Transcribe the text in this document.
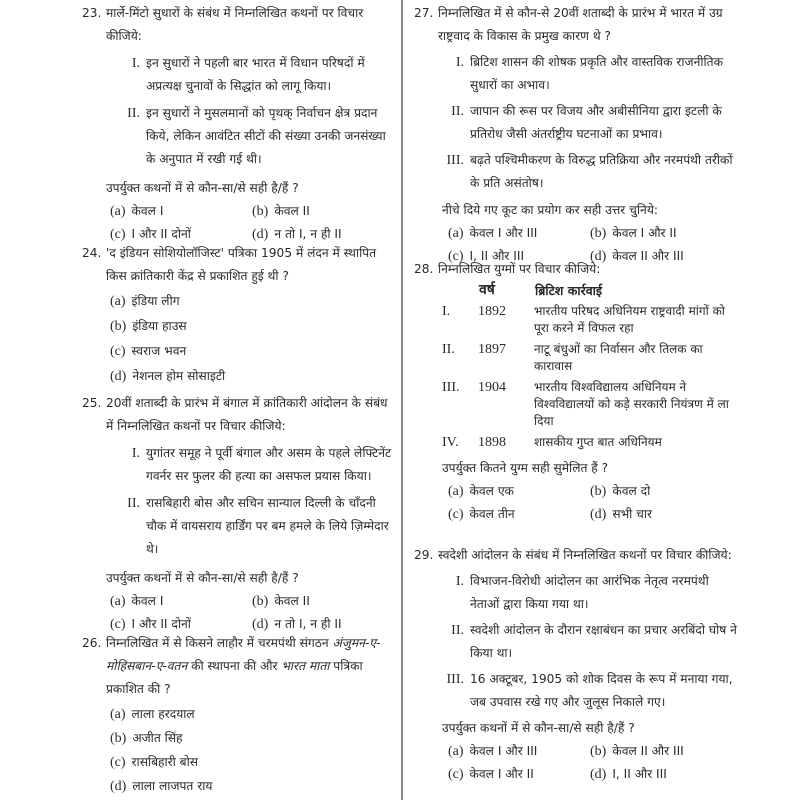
23. मार्ले-मिंटो सुधारों के संबंध में निम्नलिखित कथनों पर विचार कीजिये:
I. इन सुधारों ने पहली बार भारत में विधान परिषदों में अप्रत्यक्ष चुनावों के सिद्धांत को लागू किया।
II. इन सुधारों ने मुसलमानों को पृथक् निर्वाचन क्षेत्र प्रदान किये, लेकिन आवंटित सीटों की संख्या उनकी जनसंख्या के अनुपात में रखी गई थी।
उपर्युक्त कथनों में से कौन-सा/से सही है/हैं ?
(a) केवल I	(b) केवल II
(c) I और II दोनों	(d) न तो I, न ही II
24. 'द इंडियन सोशियोलॉजिस्ट' पत्रिका 1905 में लंदन में स्थापित किस क्रांतिकारी केंद्र से प्रकाशित हुई थी ?
(a) इंडिया लीग
(b) इंडिया हाउस
(c) स्वराज भवन
(d) नेशनल होम सोसाइटी
25. 20वीं शताब्दी के प्रारंभ में बंगाल में क्रांतिकारी आंदोलन के संबंध में निम्नलिखित कथनों पर विचार कीजिये:
I. युगांतर समूह ने पूर्वी बंगाल और असम के पहले लेफ्टिनेंट गवर्नर सर फुलर की हत्या का असफल प्रयास किया।
II. रासबिहारी बोस और सचिन सान्याल दिल्ली के चाँदनी चौक में वायसराय हार्डिंग पर बम हमले के लिये ज़िम्मेदार थे।
उपर्युक्त कथनों में से कौन-सा/से सही है/हैं ?
(a) केवल I	(b) केवल II
(c) I और II दोनों	(d) न तो I, न ही II
26. निम्नलिखित में से किसने लाहौर में चरमपंथी संगठन अंजुमन-ए-मोहिसबान-ए-वतन की स्थापना की और भारत माता पत्रिका प्रकाशित की ?
(a) लाला हरदयाल
(b) अजीत सिंह
(c) रासबिहारी बोस
(d) लाला लाजपत राय
27. निम्नलिखित में से कौन-से 20वीं शताब्दी के प्रारंभ में भारत में उग्र राष्ट्रवाद के विकास के प्रमुख कारण थे ?
I. ब्रिटिश शासन की शोषक प्रकृति और वास्तविक राजनीतिक सुधारों का अभाव।
II. जापान की रूस पर विजय और अबीसीनिया द्वारा इटली के प्रतिरोध जैसी अंतर्राष्ट्रीय घटनाओं का प्रभाव।
III. बढ़ते पश्चिमीकरण के विरुद्ध प्रतिक्रिया और नरमपंथी तरीकों के प्रति असंतोष।
नीचे दिये गए कूट का प्रयोग कर सही उत्तर चुनिये:
(a) केवल I और III	(b) केवल I और II
(c) I, II और III	(d) केवल II और III
28. निम्नलिखित युग्मों पर विचार कीजिये:
	वर्ष	ब्रिटिश कार्रवाई
I.	1892	भारतीय परिषद अधिनियम राष्ट्रवादी मांगों को पूरा करने में विफल रहा
II.	1897	नाटू बंधुओं का निर्वासन और तिलक का कारावास
III.	1904	भारतीय विश्वविद्यालय अधिनियम ने विश्वविद्यालयों को कड़े सरकारी नियंत्रण में ला दिया
IV.	1898	शासकीय गुप्त बात अधिनियम
उपर्युक्त कितने युग्म सही सुमेलित हैं ?
(a) केवल एक	(b) केवल दो
(c) केवल तीन	(d) सभी चार
29. स्वदेशी आंदोलन के संबंध में निम्नलिखित कथनों पर विचार कीजिये:
I. विभाजन-विरोधी आंदोलन का आरंभिक नेतृत्व नरमपंथी नेताओं द्वारा किया गया था।
II. स्वदेशी आंदोलन के दौरान रक्षाबंधन का प्रचार अरबिंदो घोष ने किया था।
III. 16 अक्टूबर, 1905 को शोक दिवस के रूप में मनाया गया, जब उपवास रखे गए और जुलूस निकाले गए।
उपर्युक्त कथनों में से कौन-सा/से सही है/हैं ?
(a) केवल I और III	(b) केवल II और III
(c) केवल I और II	(d) I, II और III
